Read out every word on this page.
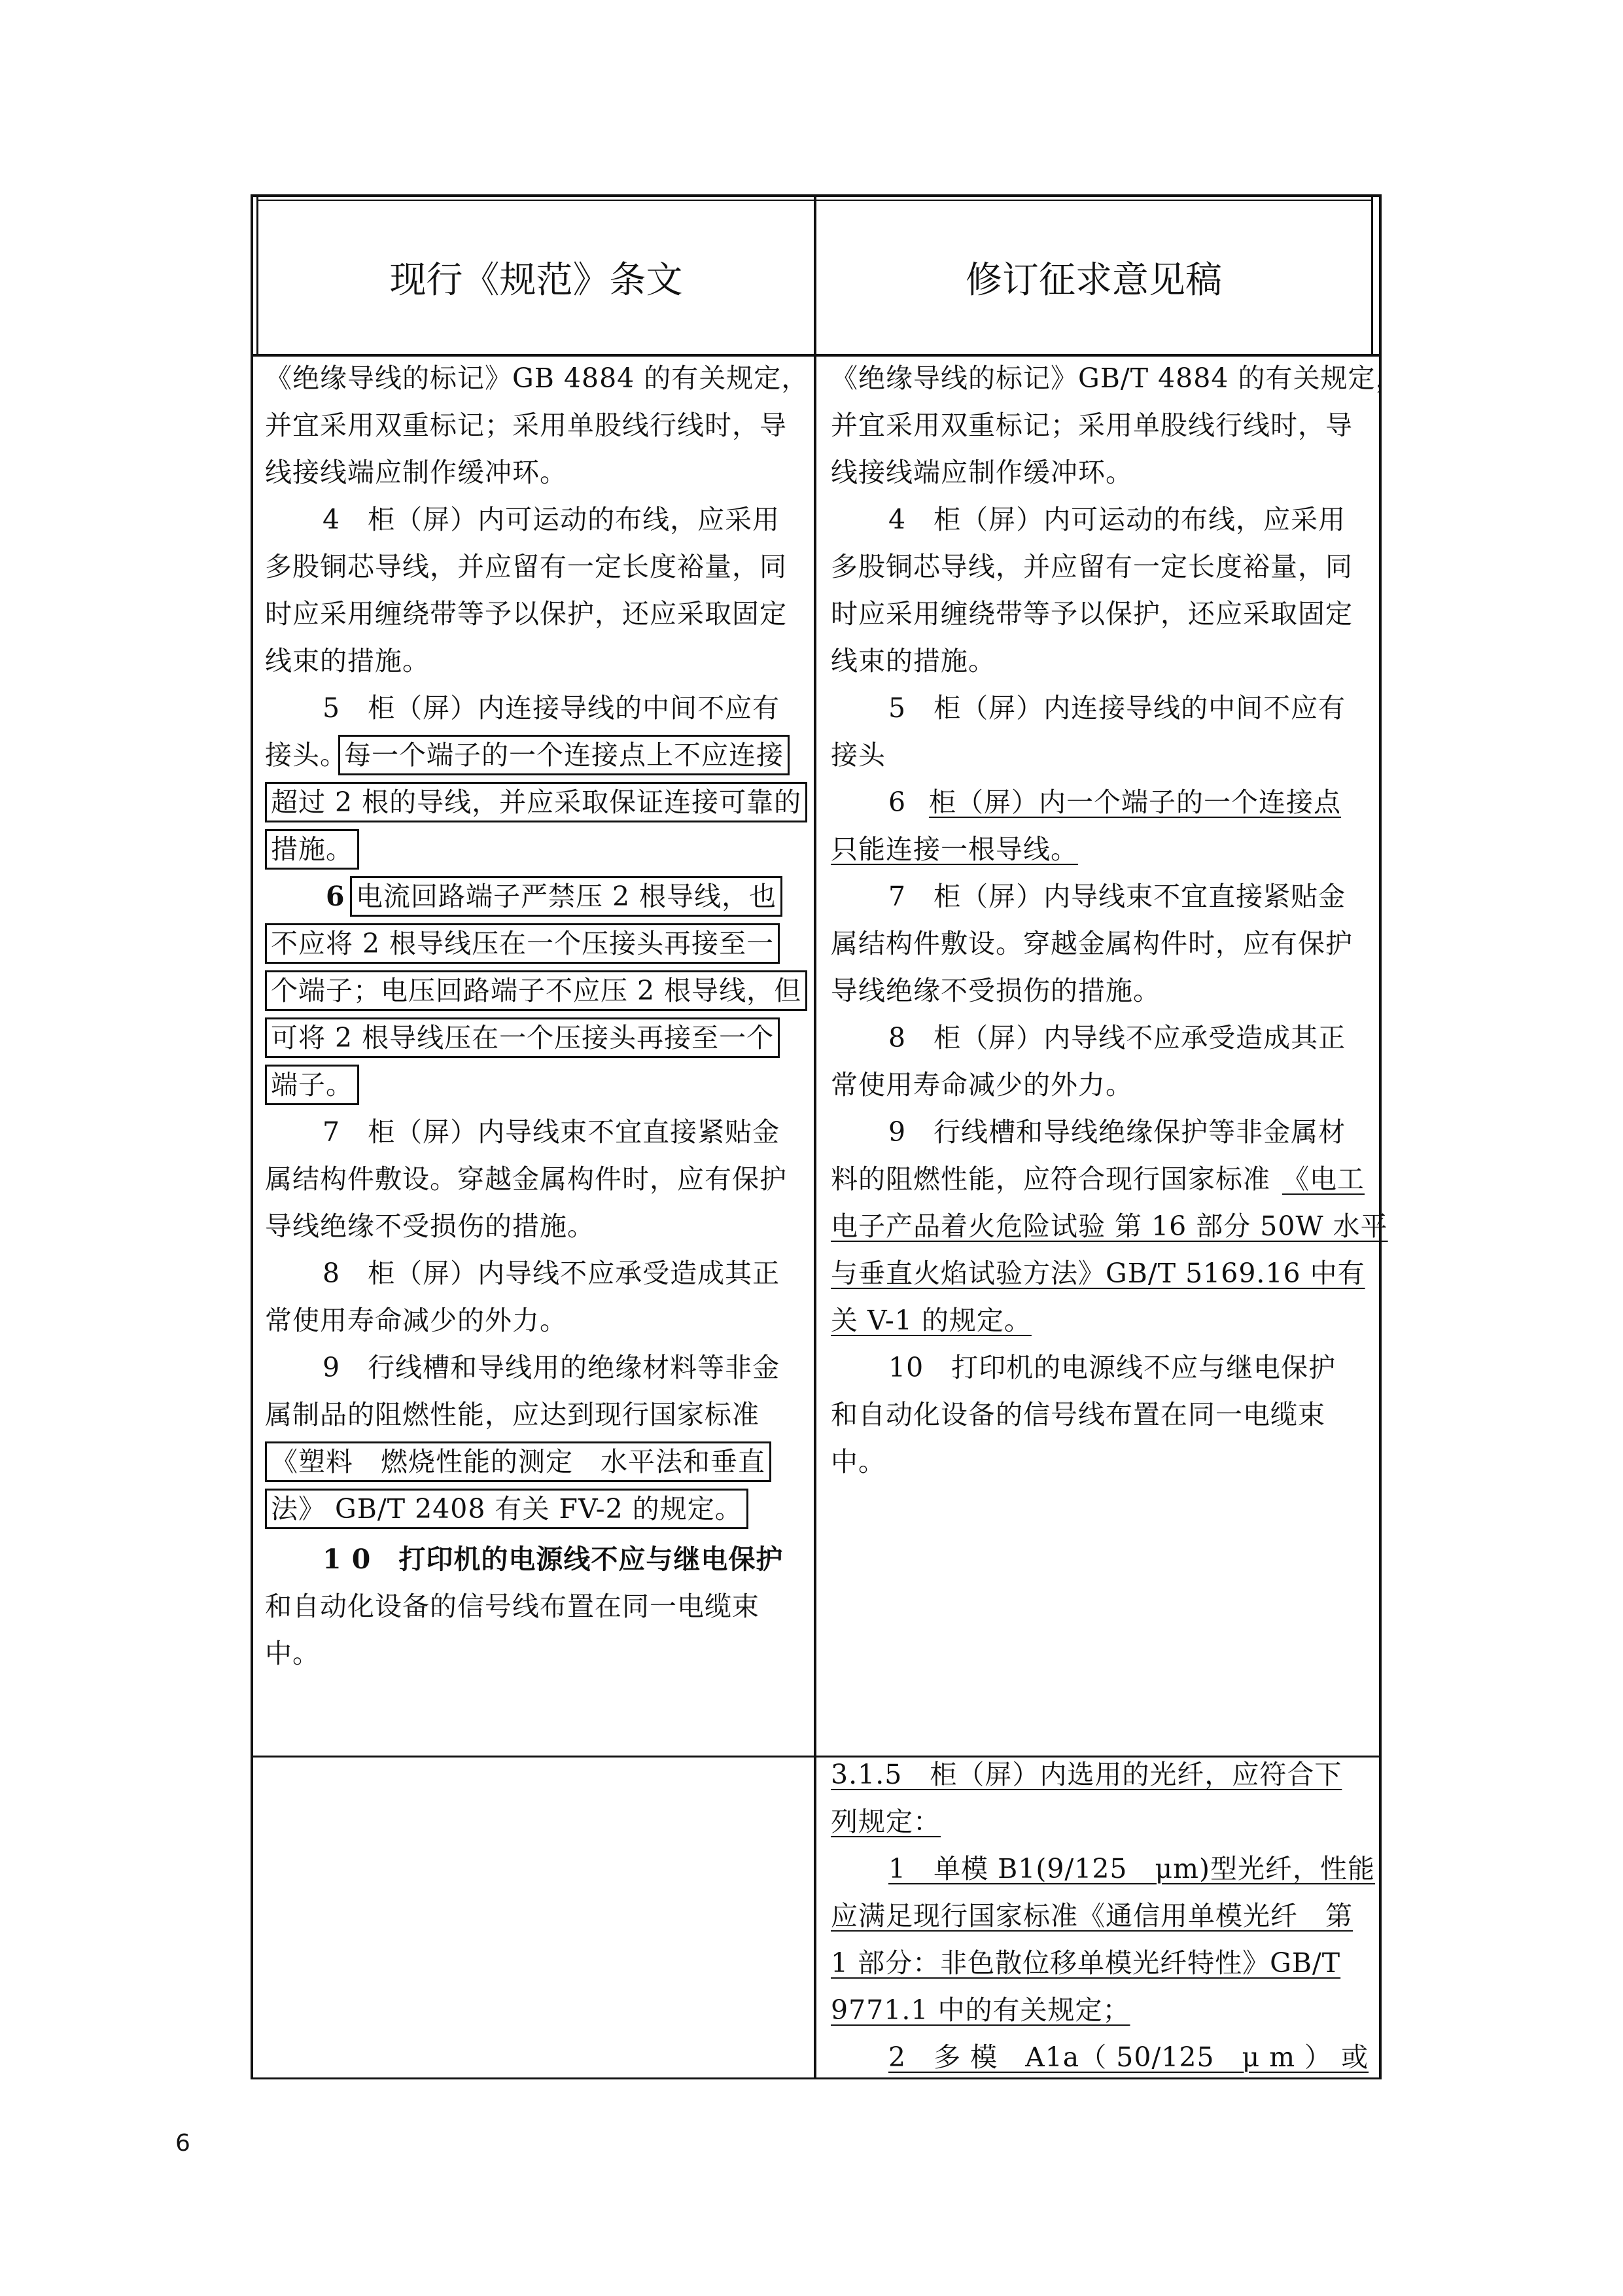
现行《规范》条文	修订征求意见稿
《绝缘导线的标记》GB 4884 的有关规定，
并宜采用双重标记；采用单股线行线时，导
线接线端应制作缓冲环。
4　柜（屏）内可运动的布线，应采用
多股铜芯导线，并应留有一定长度裕量，同
时应采用缠绕带等予以保护，还应采取固定
线束的措施。
5　柜（屏）内连接导线的中间不应有
接头。
每一个端子的一个连接点上不应连接
超过 2 根的导线，并应采取保证连接可靠的
措施。
6 电流回路端子严禁压 2 根导线，也
不应将 2 根导线压在一个压接头再接至一
个端子；电压回路端子不应压 2 根导线，但
可将 2 根导线压在一个压接头再接至一个
端子。
7　柜（屏）内导线束不宜直接紧贴金
属结构件敷设。穿越金属构件时，应有保护
导线绝缘不受损伤的措施。
8　柜（屏）内导线不应承受造成其正
常使用寿命减少的外力。
9　行线槽和导线用的绝缘材料等非金
属制品的阻燃性能，应达到现行国家标准
《塑料　燃烧性能的测定　水平法和垂直
法》 GB/T 2408 有关 FV-2 的规定。
1 0　打印机的电源线不应与继电保护
和自动化设备的信号线布置在同一电缆束
中。
《绝缘导线的标记》GB/T 4884 的有关规定，
并宜采用双重标记；采用单股线行线时，导
线接线端应制作缓冲环。
4　柜（屏）内可运动的布线，应采用
多股铜芯导线，并应留有一定长度裕量，同
时应采用缠绕带等予以保护，还应采取固定
线束的措施。
5　柜（屏）内连接导线的中间不应有
接头
6　
柜（屏）内一个端子的一个连接点
只能连接一根导线。
7　柜（屏）内导线束不宜直接紧贴金
属结构件敷设。穿越金属构件时，应有保护
导线绝缘不受损伤的措施。
8　柜（屏）内导线不应承受造成其正
常使用寿命减少的外力。
9　行线槽和导线绝缘保护等非金属材
料的阻燃性能，应符合现行国家标准 《电工
电子产品着火危险试验 第 16 部分 50W 水平
与垂直火焰试验方法》GB/T 5169.16 中有
关 V-1 的规定。
10　打印机的电源线不应与继电保护
和自动化设备的信号线布置在同一电缆束
中。
3.1.5　柜（屏）内选用的光纤，应符合下
列规定：
1　单模 B1(9/125　μm)型光纤，性能
应满足现行国家标准《通信用单模光纤　第
1 部分：非色散位移单模光纤特性》GB/T
9771.1 中的有关规定；
2　多 模　A1a（ 50/125　μ m ） 或
6
